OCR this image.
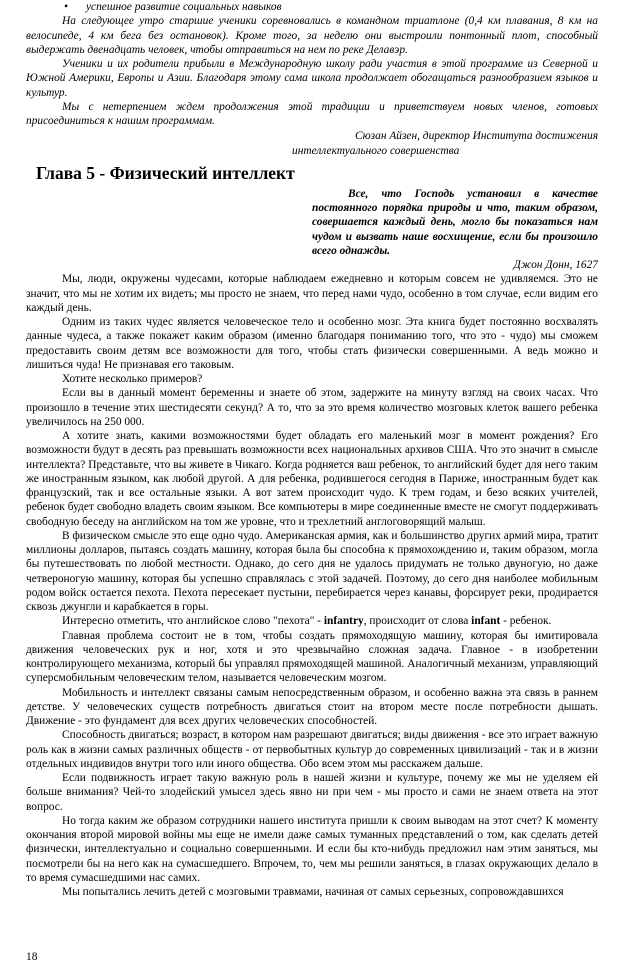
• успешное развитие социальных навыков

На следующее утро старшие ученики соревновались в командном триатлоне (0,4 км плавания, 8 км на велосипеде, 4 км бега без остановок). Кроме того, за неделю они выстроили понтонный плот, способный выдержать двенадцать человек, чтобы отправиться на нем по реке Делавэр.

Ученики и их родители прибыли в Международную школу ради участия в этой программе из Северной и Южной Америки, Европы и Азии. Благодаря этому сама школа продолжает обогащаться разнообразием языков и культур.

Мы с нетерпением ждем продолжения этой традиции и приветствуем новых членов, готовых присоединиться к нашим программам.

Сюзан Айзен, директор Института достижения

интеллектуального совершенства

Глава 5 - Физический интеллект

Все, что Господь установил в качестве постоянного порядка природы и что, таким образом, совершается каждый день, могло бы показаться нам чудом и вызвать наше восхищение, если бы произошло всего однажды.

Джон Донн, 1627

Мы, люди, окружены чудесами, которые наблюдаем ежедневно и которым совсем не удивляемся. Это не значит, что мы не хотим их видеть; мы просто не знаем, что перед нами чудо, особенно в том случае, если видим его каждый день.

Одним из таких чудес является человеческое тело и особенно мозг. Эта книга будет постоянно восхвалять данные чудеса, а также покажет каким образом (именно благодаря пониманию того, что это - чудо) мы сможем предоставить своим детям все возможности для того, чтобы стать физически совершенными. А ведь можно и лишиться чуда! Не признавая его таковым.

Хотите несколько примеров?

Если вы в данный момент беременны и знаете об этом, задержите на минуту взгляд на своих часах. Что произошло в течение этих шестидесяти секунд? А то, что за это время количество мозговых клеток вашего ребенка увеличилось на 250 000.

А хотите знать, какими возможностями будет обладать его маленький мозг в момент рождения? Его возможности будут в десять раз превышать возможности всех национальных архивов США. Что это значит в смысле интеллекта? Представьте, что вы живете в Чикаго. Когда родняется ваш ребенок, то английский будет для него таким же иностранным языком, как любой другой. А для ребенка, родившегося сегодня в Париже, иностранным будет как французский, так и все остальные языки. А вот затем происходит чудо. К трем годам, и безо всяких учителей, ребенок будет свободно владеть своим языком. Все компьютеры в мире соединенные вместе не смогут поддерживать свободную беседу на английском на том же уровне, что и трехлетний англоговорящий малыш.

В физическом смысле это еще одно чудо. Американская армия, как и большинство других армий мира, тратит миллионы долларов, пытаясь создать машину, которая была бы способна к прямохождению и, таким образом, могла бы путешествовать по любой местности. Однако, до сего дня не удалось придумать не только двуногую, но даже четвероногую машину, которая бы успешно справлялась с этой задачей. Поэтому, до сего дня наиболее мобильным родом войск остается пехота. Пехота пересекает пустыни, перебирается через канавы, форсирует реки, продирается сквозь джунгли и карабкается в горы.

Интересно отметить, что английское слово "пехота" - infantry, происходит от слова infant - ребенок.

Главная проблема состоит не в том, чтобы создать прямоходящую машину, которая бы имитировала движения человеческих рук и ног, хотя и это чрезвычайно сложная задача. Главное - в изобретении контролирующего механизма, который бы управлял прямоходящей машиной. Аналогичный механизм, управляющий суперсмобильным человеческим телом, называется человеческим мозгом.

Мобильность и интеллект связаны самым непосредственным образом, и особенно важна эта связь в раннем детстве. У человеческих существ потребность двигаться стоит на втором месте после потребности дышать. Движение - это фундамент для всех других человеческих способностей.

Способность двигаться; возраст, в котором нам разрешают двигаться; виды движения - все это играет важную роль как в жизни самых различных обществ - от первобытных культур до современных цивилизаций - так и в жизни отдельных индивидов внутри того или иного общества. Обо всем этом мы расскажем дальше.

Если подвижность играет такую важную роль в нашей жизни и культуре, почему же мы не уделяем ей больше внимания? Чей-то злодейский умысел здесь явно ни при чем - мы просто и сами не знаем ответа на этот вопрос.

Но тогда каким же образом сотрудники нашего института пришли к своим выводам на этот счет? К моменту окончания второй мировой войны мы еще не имели даже самых туманных представлений о том, как сделать детей физически, интеллектуально и социально совершенными. И если бы кто-нибудь предложил нам этим заняться, мы посмотрели бы на него как на сумасшедшего. Впрочем, то, чем мы решили заняться, в глазах окружающих делало в то время сумасшедшими нас самих.

Мы попытались лечить детей с мозговыми травмами, начиная от самых серьезных, сопровождавшихся

18
